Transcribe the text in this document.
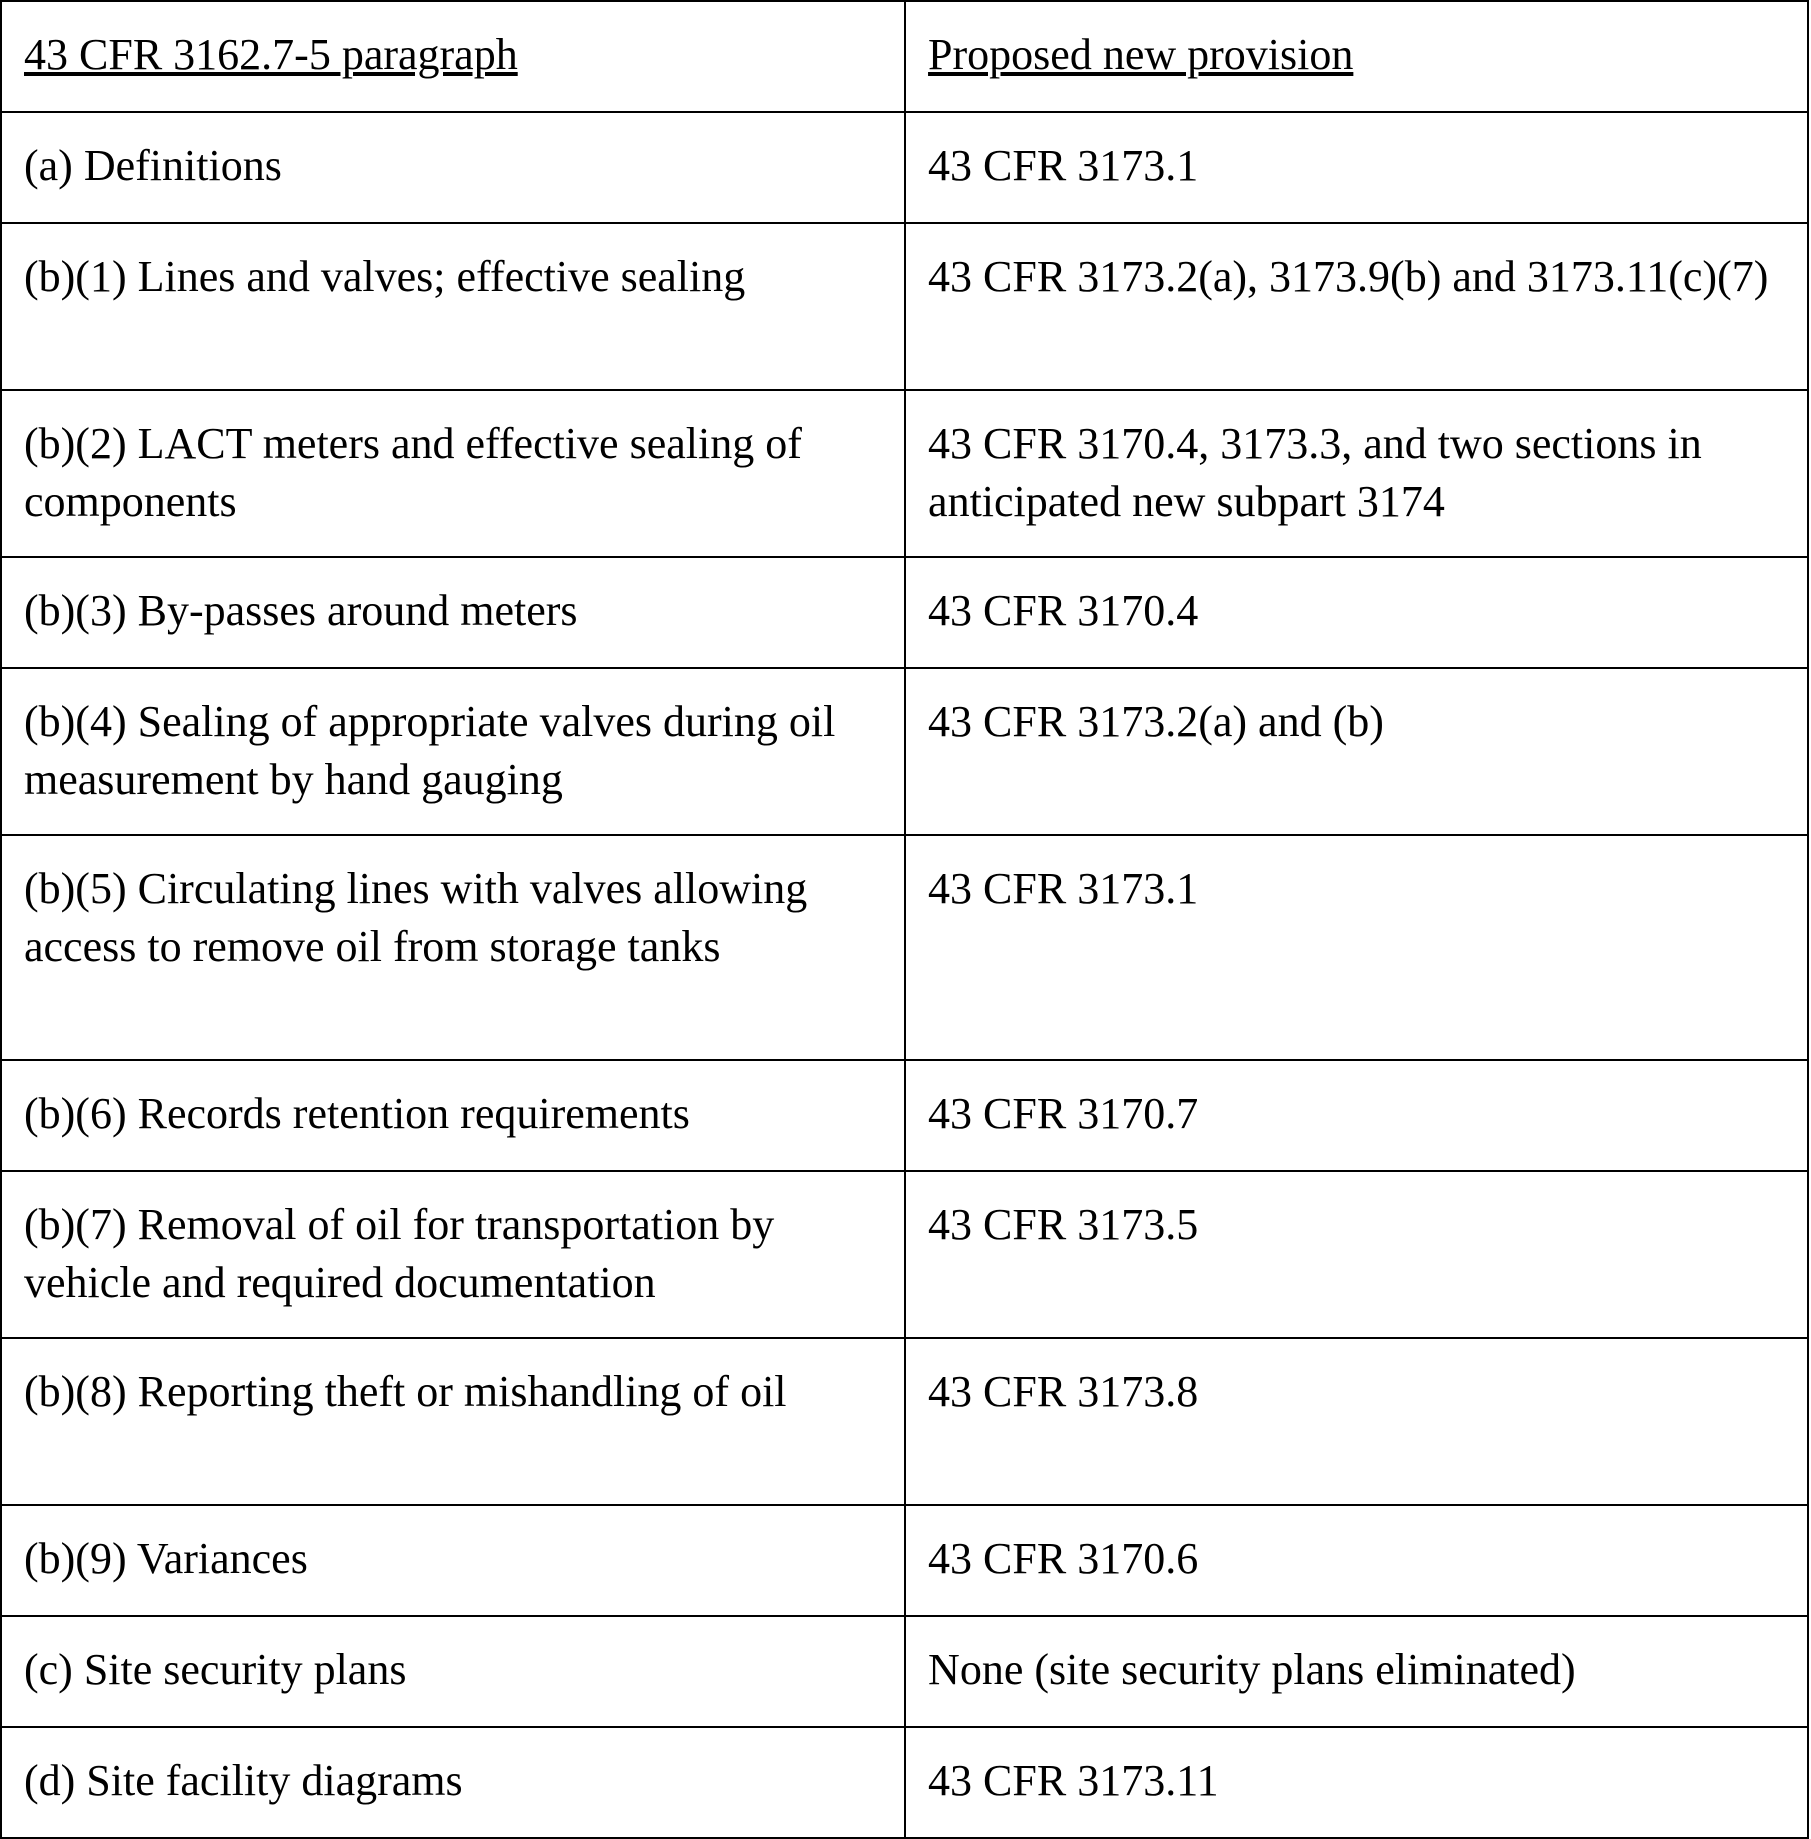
43 CFR 3162.7-5 paragraph	Proposed new provision
(a) Definitions	43 CFR 3173.1
(b)(1) Lines and valves; effective sealing	43 CFR 3173.2(a), 3173.9(b) and 3173.11(c)(7)
(b)(2) LACT meters and effective sealing of components	43 CFR 3170.4, 3173.3, and two sections in anticipated new subpart 3174
(b)(3) By-passes around meters	43 CFR 3170.4
(b)(4) Sealing of appropriate valves during oil measurement by hand gauging	43 CFR 3173.2(a) and (b)
(b)(5) Circulating lines with valves allowing access to remove oil from storage tanks	43 CFR 3173.1
(b)(6) Records retention requirements	43 CFR 3170.7
(b)(7) Removal of oil for transportation by vehicle and required documentation	43 CFR 3173.5
(b)(8) Reporting theft or mishandling of oil	43 CFR 3173.8
(b)(9) Variances	43 CFR 3170.6
(c) Site security plans	None (site security plans eliminated)
(d) Site facility diagrams	43 CFR 3173.11
